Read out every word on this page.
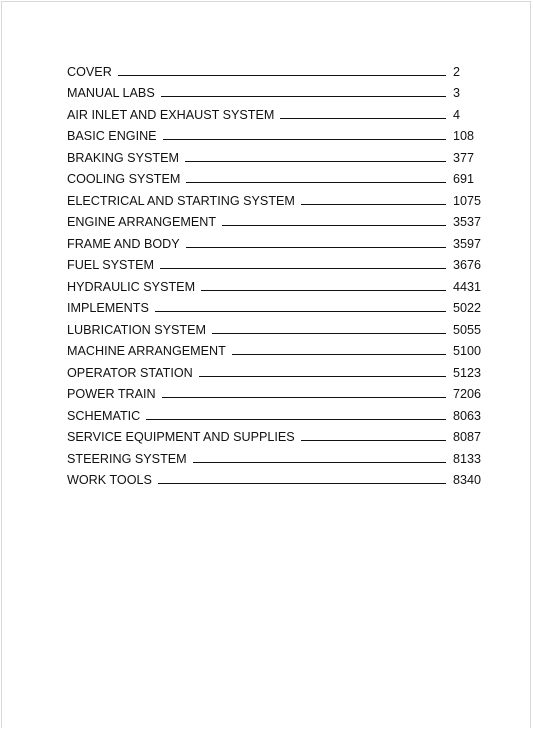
COVER	2
MANUAL LABS	3
AIR INLET AND EXHAUST SYSTEM	4
BASIC ENGINE	108
BRAKING SYSTEM	377
COOLING SYSTEM	691
ELECTRICAL AND STARTING SYSTEM	1075
ENGINE ARRANGEMENT	3537
FRAME AND BODY	3597
FUEL SYSTEM	3676
HYDRAULIC SYSTEM	4431
IMPLEMENTS	5022
LUBRICATION SYSTEM	5055
MACHINE ARRANGEMENT	5100
OPERATOR STATION	5123
POWER TRAIN	7206
SCHEMATIC	8063
SERVICE EQUIPMENT AND SUPPLIES	8087
STEERING SYSTEM	8133
WORK TOOLS	8340
